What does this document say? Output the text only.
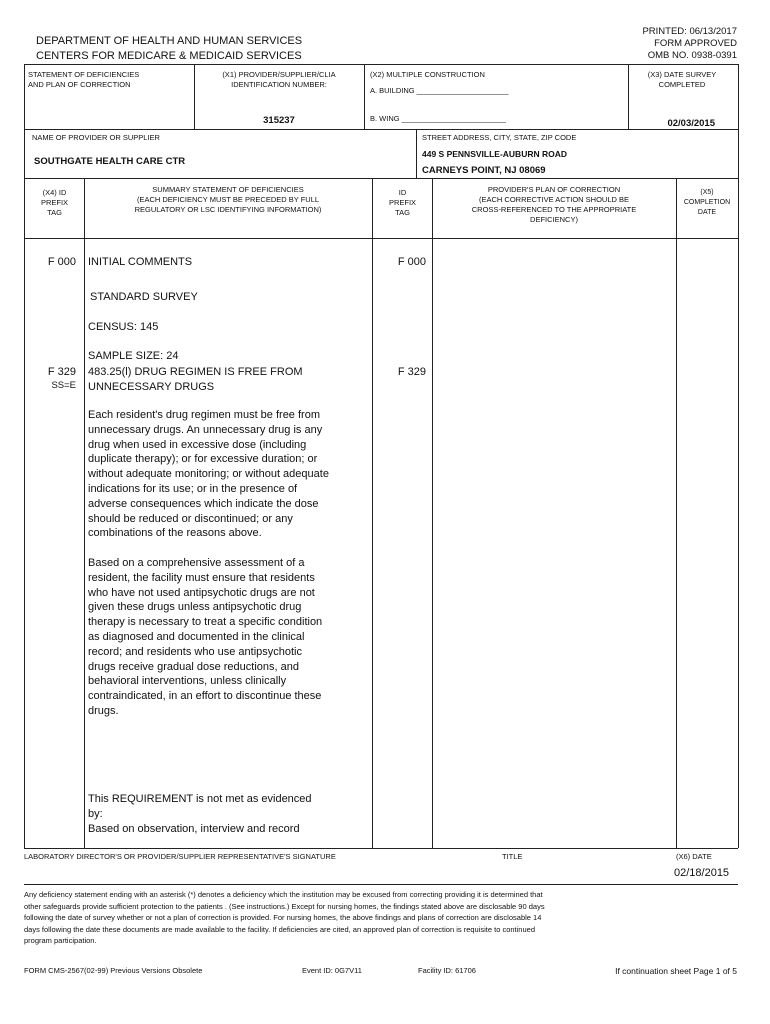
PRINTED: 06/13/2017
FORM APPROVED
OMB NO. 0938-0391
DEPARTMENT OF HEALTH AND HUMAN SERVICES
CENTERS FOR MEDICARE & MEDICAID SERVICES
STATEMENT OF DEFICIENCIES
AND PLAN OF CORRECTION
(X1) PROVIDER/SUPPLIER/CLIA
IDENTIFICATION NUMBER:
315237
(X2) MULTIPLE CONSTRUCTION
A. BUILDING ______________________
B. WING _________________________
(X3) DATE SURVEY
COMPLETED
02/03/2015
NAME OF PROVIDER OR SUPPLIER
SOUTHGATE HEALTH CARE CTR
STREET ADDRESS, CITY, STATE, ZIP CODE
449 S PENNSVILLE-AUBURN ROAD
CARNEYS POINT, NJ 08069
(X4) ID
PREFIX
TAG
SUMMARY STATEMENT OF DEFICIENCIES
(EACH DEFICIENCY MUST BE PRECEDED BY FULL
REGULATORY OR LSC IDENTIFYING INFORMATION)
ID
PREFIX
TAG
PROVIDER'S PLAN OF CORRECTION
(EACH CORRECTIVE ACTION SHOULD BE
CROSS-REFERENCED TO THE APPROPRIATE
DEFICIENCY)
(X5)
COMPLETION
DATE
F 000 INITIAL COMMENTS	F 000
STANDARD SURVEY
CENSUS: 145
SAMPLE SIZE: 24
F 329
SS=E
483.25(l) DRUG REGIMEN IS FREE FROM
UNNECESSARY DRUGS
F 329
Each resident's drug regimen must be free from
unnecessary drugs. An unnecessary drug is any
drug when used in excessive dose (including
duplicate therapy); or for excessive duration; or
without adequate monitoring; or without adequate
indications for its use; or in the presence of
adverse consequences which indicate the dose
should be reduced or discontinued; or any
combinations of the reasons above.
Based on a comprehensive assessment of a
resident, the facility must ensure that residents
who have not used antipsychotic drugs are not
given these drugs unless antipsychotic drug
therapy is necessary to treat a specific condition
as diagnosed and documented in the clinical
record; and residents who use antipsychotic
drugs receive gradual dose reductions, and
behavioral interventions, unless clinically
contraindicated, in an effort to discontinue these
drugs.
This REQUIREMENT is not met as evidenced
by:
Based on observation, interview and record
LABORATORY DIRECTOR'S OR PROVIDER/SUPPLIER REPRESENTATIVE'S SIGNATURE	TITLE	(X6) DATE
02/18/2015
Any deficiency statement ending with an asterisk (*) denotes a deficiency which the institution may be excused from correcting providing it is determined that
other safeguards provide sufficient protection to the patients . (See instructions.) Except for nursing homes, the findings stated above are disclosable 90 days
following the date of survey whether or not a plan of correction is provided. For nursing homes, the above findings and plans of correction are disclosable 14
days following the date these documents are made available to the facility. If deficiencies are cited, an approved plan of correction is requisite to continued
program participation.
FORM CMS-2567(02-99) Previous Versions Obsolete	Event ID: 0G7V11	Facility ID: 61706	If continuation sheet Page 1 of 5
